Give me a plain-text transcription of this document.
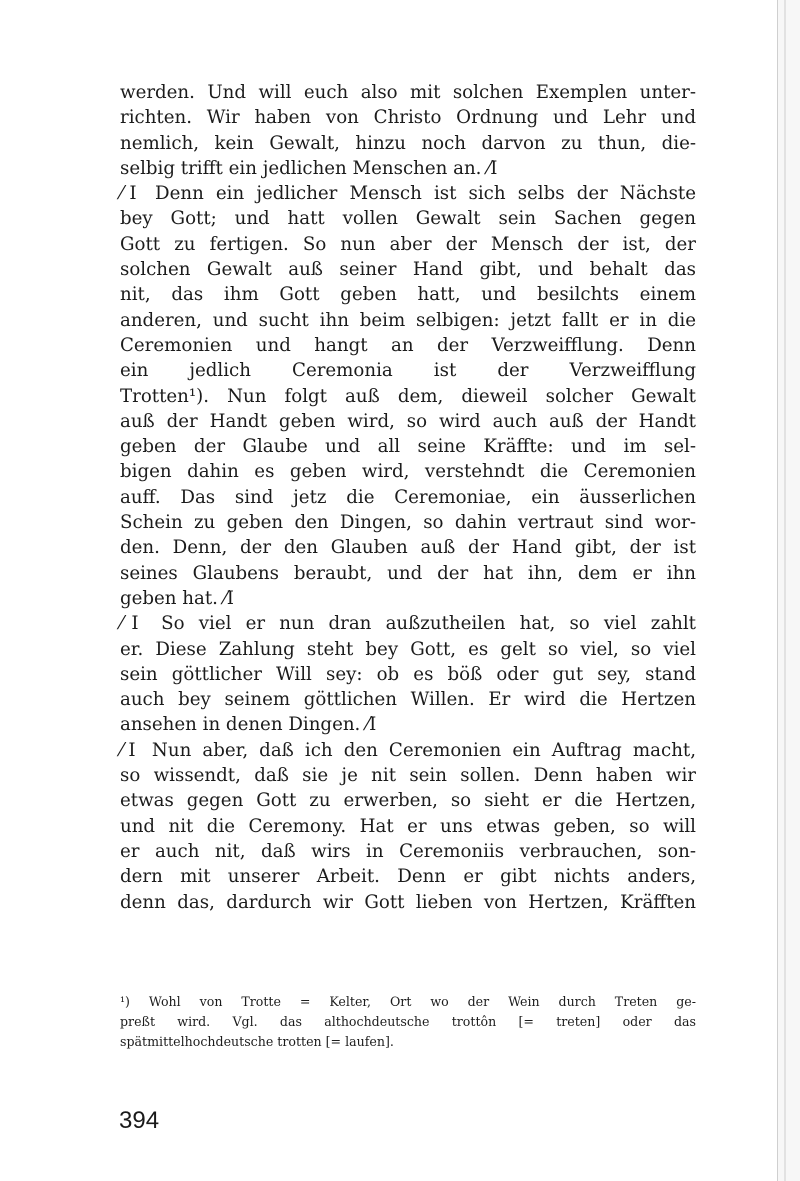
werden. Und will euch also mit solchen Exemplen unter-
richten. Wir haben von Christo Ordnung und Lehr und
nemlich, kein Gewalt, hinzu noch darvon zu thun, die-
selbig trifft ein jedlichen Menschen an. ⁄Ⅰ
⁄Ⅰ Denn ein jedlicher Mensch ist sich selbs der Nächste
bey Gott; und hatt vollen Gewalt sein Sachen gegen
Gott zu fertigen. So nun aber der Mensch der ist, der
solchen Gewalt auß seiner Hand gibt, und behalt das
nit, das ihm Gott geben hatt, und besilchts einem
anderen, und sucht ihn beim selbigen: jetzt fallt er in die
Ceremonien und hangt an der Verzweifflung. Denn
ein jedlich Ceremonia ist der Verzweifflung
Trotten¹). Nun folgt auß dem, dieweil solcher Gewalt
auß der Handt geben wird, so wird auch auß der Handt
geben der Glaube und all seine Kräffte: und im sel-
bigen dahin es geben wird, verstehndt die Ceremonien
auff. Das sind jetz die Ceremoniae, ein äusserlichen
Schein zu geben den Dingen, so dahin vertraut sind wor-
den. Denn, der den Glauben auß der Hand gibt, der ist
seines Glaubens beraubt, und der hat ihn, dem er ihn
geben hat. ⁄Ⅰ
⁄Ⅰ So viel er nun dran außzutheilen hat, so viel zahlt
er. Diese Zahlung steht bey Gott, es gelt so viel, so viel
sein göttlicher Will sey: ob es böß oder gut sey, stand
auch bey seinem göttlichen Willen. Er wird die Hertzen
ansehen in denen Dingen. ⁄Ⅰ
⁄Ⅰ Nun aber, daß ich den Ceremonien ein Auftrag macht,
so wissendt, daß sie je nit sein sollen. Denn haben wir
etwas gegen Gott zu erwerben, so sieht er die Hertzen,
und nit die Ceremony. Hat er uns etwas geben, so will
er auch nit, daß wirs in Ceremoniis verbrauchen, son-
dern mit unserer Arbeit. Denn er gibt nichts anders,
denn das, dardurch wir Gott lieben von Hertzen, Kräfften
¹) Wohl von Trotte = Kelter, Ort wo der Wein durch Treten ge-
preßt wird. Vgl. das althochdeutsche trottôn [= treten] oder das
spätmittelhochdeutsche trotten [= laufen].
394
